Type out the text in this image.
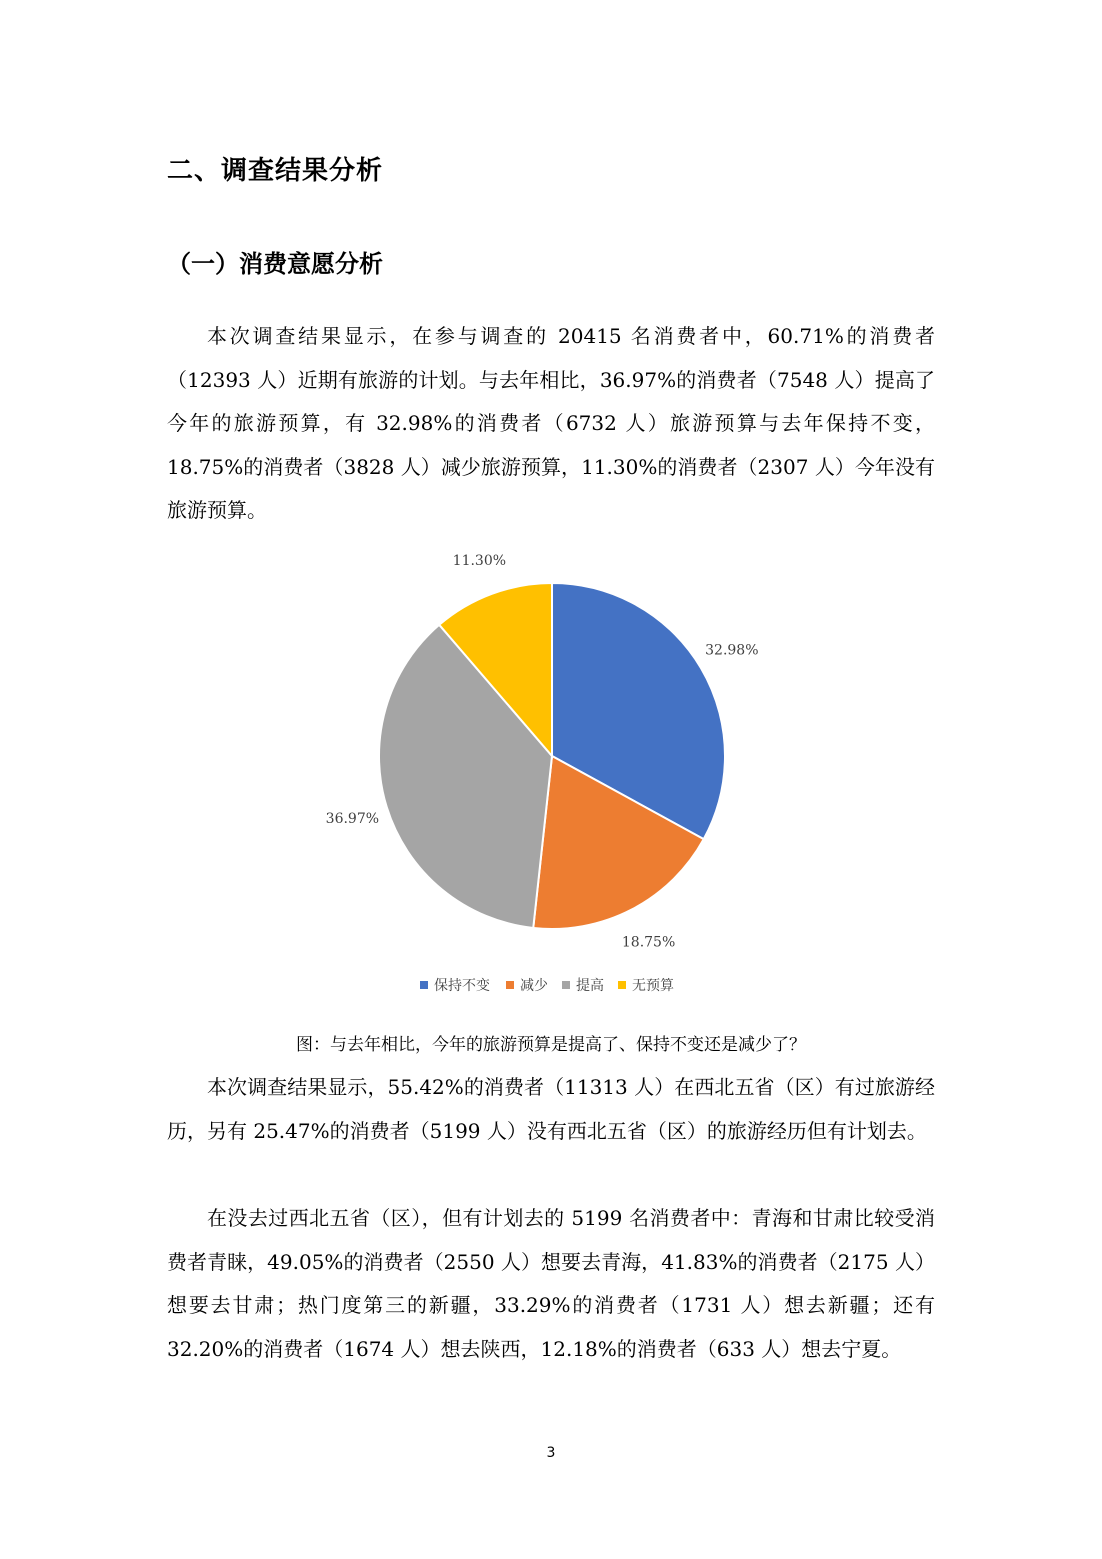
二、调查结果分析
（一）消费意愿分析

本次调查结果显示，在参与调查的 20415 名消费者中，60.71%的消费者（12393 人）近期有旅游的计划。与去年相比，36.97%的消费者（7548 人）提高了今年的旅游预算，有 32.98%的消费者（6732 人）旅游预算与去年保持不变，18.75%的消费者（3828 人）减少旅游预算，11.30%的消费者（2307 人）今年没有旅游预算。

32.98%
18.75%
36.97%
11.30%
保持不变 减少 提高 无预算
图：与去年相比，今年的旅游预算是提高了、保持不变还是减少了？

本次调查结果显示，55.42%的消费者（11313 人）在西北五省（区）有过旅游经历，另有 25.47%的消费者（5199 人）没有西北五省（区）的旅游经历但有计划去。

在没去过西北五省（区），但有计划去的 5199 名消费者中：青海和甘肃比较受消费者青睐，49.05%的消费者（2550 人）想要去青海，41.83%的消费者（2175 人）想要去甘肃；热门度第三的新疆，33.29%的消费者（1731 人）想去新疆；还有 32.20%的消费者（1674 人）想去陕西，12.18%的消费者（633 人）想去宁夏。

3
